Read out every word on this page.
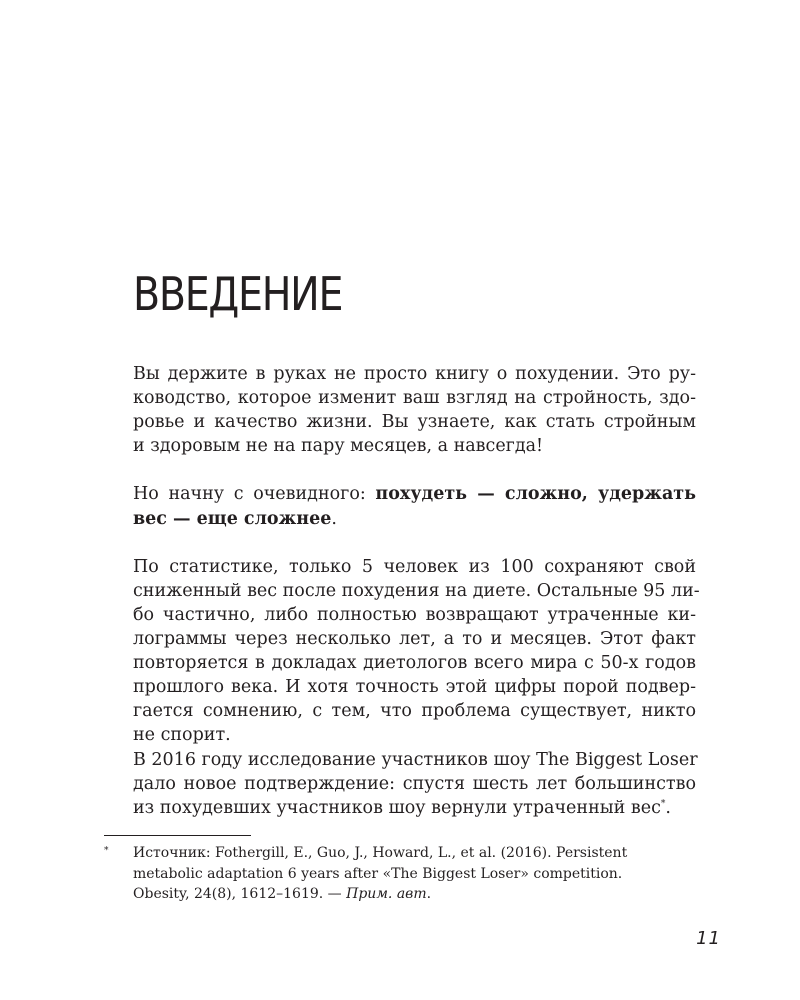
ВВЕДЕНИЕ

Вы держите в руках не просто книгу о похудении. Это ру-
ководство, которое изменит ваш взгляд на стройность, здо-
ровье и качество жизни. Вы узнаете, как стать стройным
и здоровым не на пару месяцев, а навсегда!

Но начну с очевидного: похудеть — сложно, удержать
вес — еще сложнее.

По статистике, только 5 человек из 100 сохраняют свой
сниженный вес после похудения на диете. Остальные 95 ли-
бо частично, либо полностью возвращают утраченные ки-
лограммы через несколько лет, а то и месяцев. Этот факт
повторяется в докладах диетологов всего мира с 50-х годов
прошлого века. И хотя точность этой цифры порой подвер-
гается сомнению, с тем, что проблема существует, никто
не спорит.

В 2016 году исследование участников шоу The Biggest Loser
дало новое подтверждение: спустя шесть лет большинство
из похудевших участников шоу вернули утраченный вес*.

* Источник: Fothergill, E., Guo, J., Howard, L., et al. (2016). Persistent
metabolic adaptation 6 years after «The Biggest Loser» competition.
Obesity, 24(8), 1612–1619. — Прим. авт.
11
